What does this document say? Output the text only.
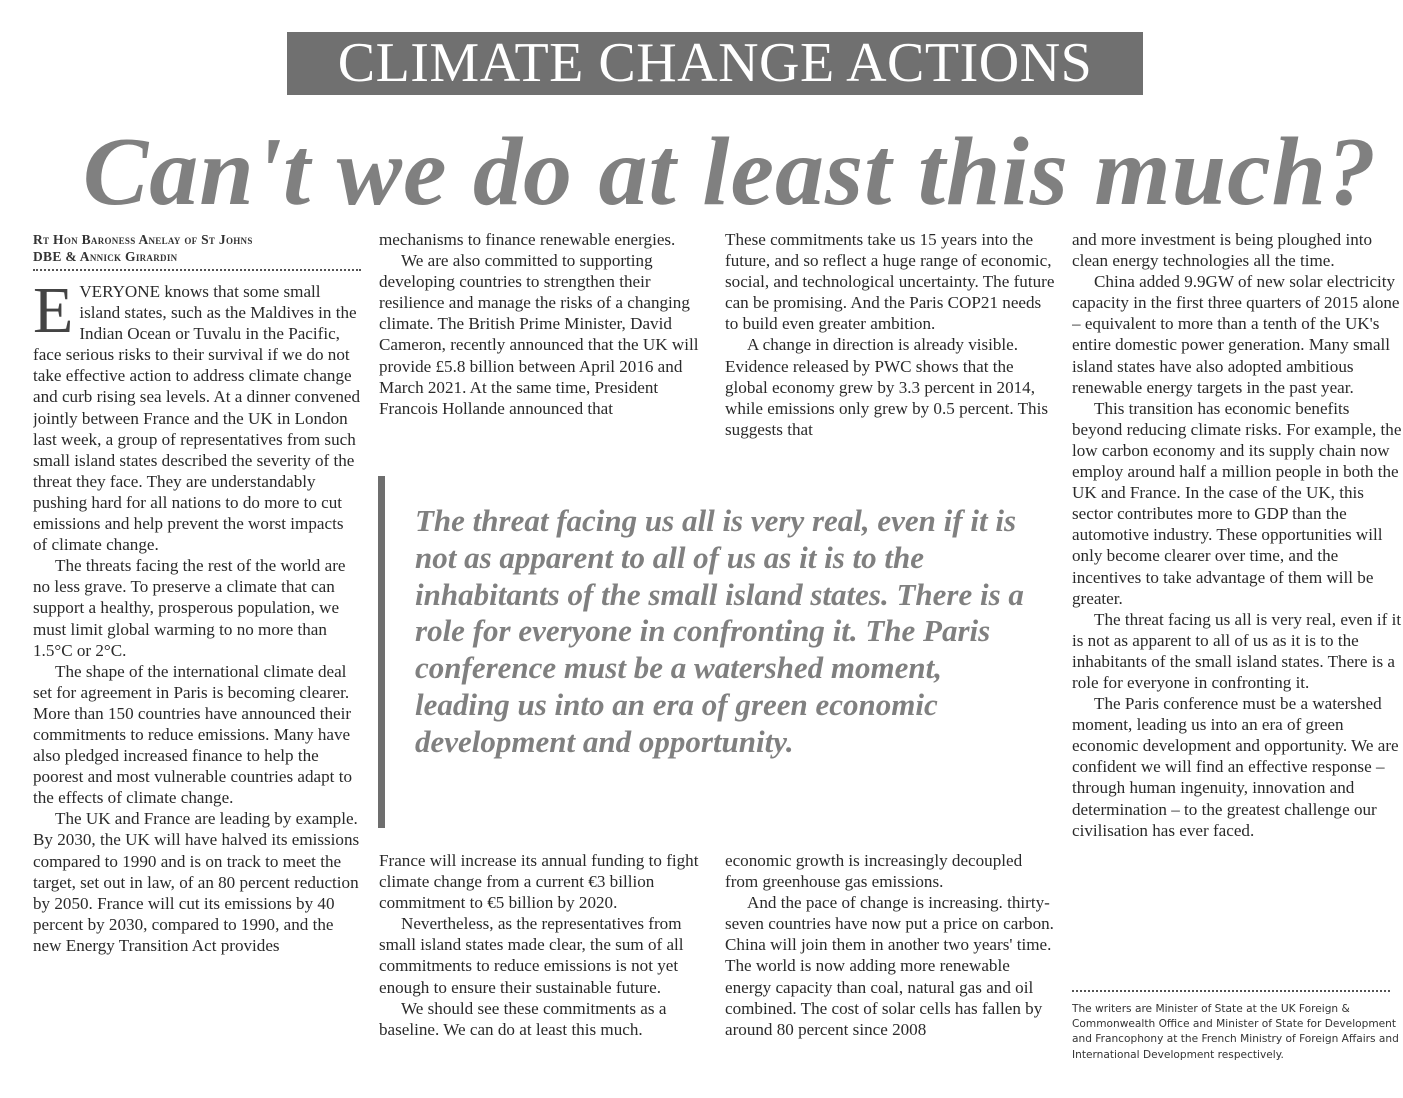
CLIMATE CHANGE ACTIONS
Can't we do at least this much?
Rt Hon Baroness Anelay of St Johns
DBE & Annick Girardin

EVERYONE knows that some small island states, such as the Maldives in the Indian Ocean or Tuvalu in the Pacific, face serious risks to their survival if we do not take effective action to address climate change and curb rising sea levels. At a dinner convened jointly between France and the UK in London last week, a group of representatives from such small island states described the severity of the threat they face. They are understandably pushing hard for all nations to do more to cut emissions and help prevent the worst impacts of climate change.

The threats facing the rest of the world are no less grave. To preserve a climate that can support a healthy, prosperous population, we must limit global warming to no more than 1.5°C or 2°C.

The shape of the international climate deal set for agreement in Paris is becoming clearer. More than 150 countries have announced their commitments to reduce emissions. Many have also pledged increased finance to help the poorest and most vulnerable countries adapt to the effects of climate change.

The UK and France are leading by example. By 2030, the UK will have halved its emissions compared to 1990 and is on track to meet the target, set out in law, of an 80 percent reduction by 2050. France will cut its emissions by 40 percent by 2030, compared to 1990, and the new Energy Transition Act provides

mechanisms to finance renewable energies.

We are also committed to supporting developing countries to strengthen their resilience and manage the risks of a changing climate. The British Prime Minister, David Cameron, recently announced that the UK will provide £5.8 billion between April 2016 and March 2021. At the same time, President Francois Hollande announced that

These commitments take us 15 years into the future, and so reflect a huge range of economic, social, and technological uncertainty. The future can be promising. And the Paris COP21 needs to build even greater ambition.

A change in direction is already visible. Evidence released by PWC shows that the global economy grew by 3.3 percent in 2014, while emissions only grew by 0.5 percent. This suggests that

The threat facing us all is very real, even if it is not as apparent to all of us as it is to the inhabitants of the small island states. There is a role for everyone in confronting it. The Paris conference must be a watershed moment, leading us into an era of green economic development and opportunity.

France will increase its annual funding to fight climate change from a current €3 billion commitment to €5 billion by 2020.

Nevertheless, as the representatives from small island states made clear, the sum of all commitments to reduce emissions is not yet enough to ensure their sustainable future.

We should see these commitments as a baseline. We can do at least this much.

economic growth is increasingly decoupled from greenhouse gas emissions.

And the pace of change is increasing. thirty-seven countries have now put a price on carbon. China will join them in another two years' time. The world is now adding more renewable energy capacity than coal, natural gas and oil combined. The cost of solar cells has fallen by around 80 percent since 2008

and more investment is being ploughed into clean energy technologies all the time.

China added 9.9GW of new solar electricity capacity in the first three quarters of 2015 alone – equivalent to more than a tenth of the UK's entire domestic power generation. Many small island states have also adopted ambitious renewable energy targets in the past year.

This transition has economic benefits beyond reducing climate risks. For example, the low carbon economy and its supply chain now employ around half a million people in both the UK and France. In the case of the UK, this sector contributes more to GDP than the automotive industry. These opportunities will only become clearer over time, and the incentives to take advantage of them will be greater.

The threat facing us all is very real, even if it is not as apparent to all of us as it is to the inhabitants of the small island states. There is a role for everyone in confronting it.

The Paris conference must be a watershed moment, leading us into an era of green economic development and opportunity. We are confident we will find an effective response – through human ingenuity, innovation and determination – to the greatest challenge our civilisation has ever faced.

The writers are Minister of State at the UK Foreign & Commonwealth Office and Minister of State for Development and Francophony at the French Ministry of Foreign Affairs and International Development respectively.
